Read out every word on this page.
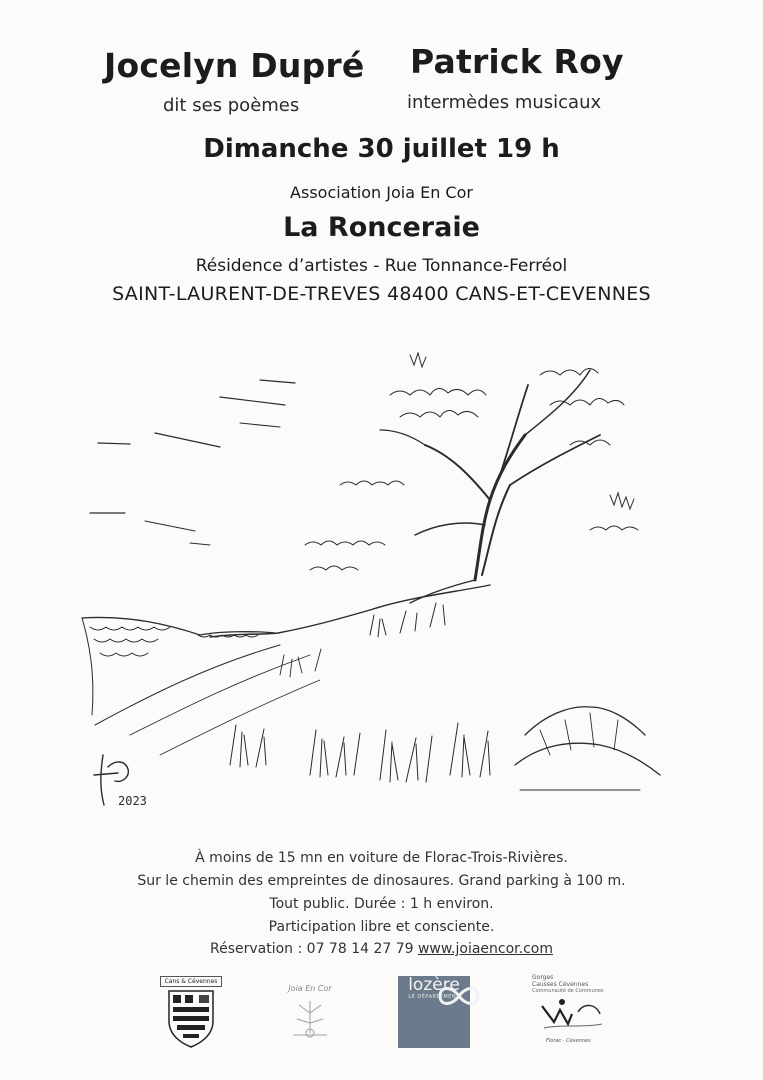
Jocelyn Dupré
dit ses poèmes
Patrick Roy
intermèdes musicaux
Dimanche 30 juillet 19 h
Association Joia En Cor
La Ronceraie
Résidence d’artistes - Rue Tonnance-Ferréol
SAINT-LAURENT-DE-TREVES 48400 CANS-ET-CEVENNES
2023
À moins de 15 mn en voiture de Florac-Trois-Rivières.
Sur le chemin des empreintes de dinosaures. Grand parking à 100 m.
Tout public. Durée : 1 h environ.
Participation libre et consciente.
Réservation : 07 78 14 27 79 www.joiaencor.com
Cans & Cévennes
Joia En Cor	lozère
LE DÉPARTEMENT
Gorges
Causses Cévennes
Communauté de Communes
Florac · Cévennes
